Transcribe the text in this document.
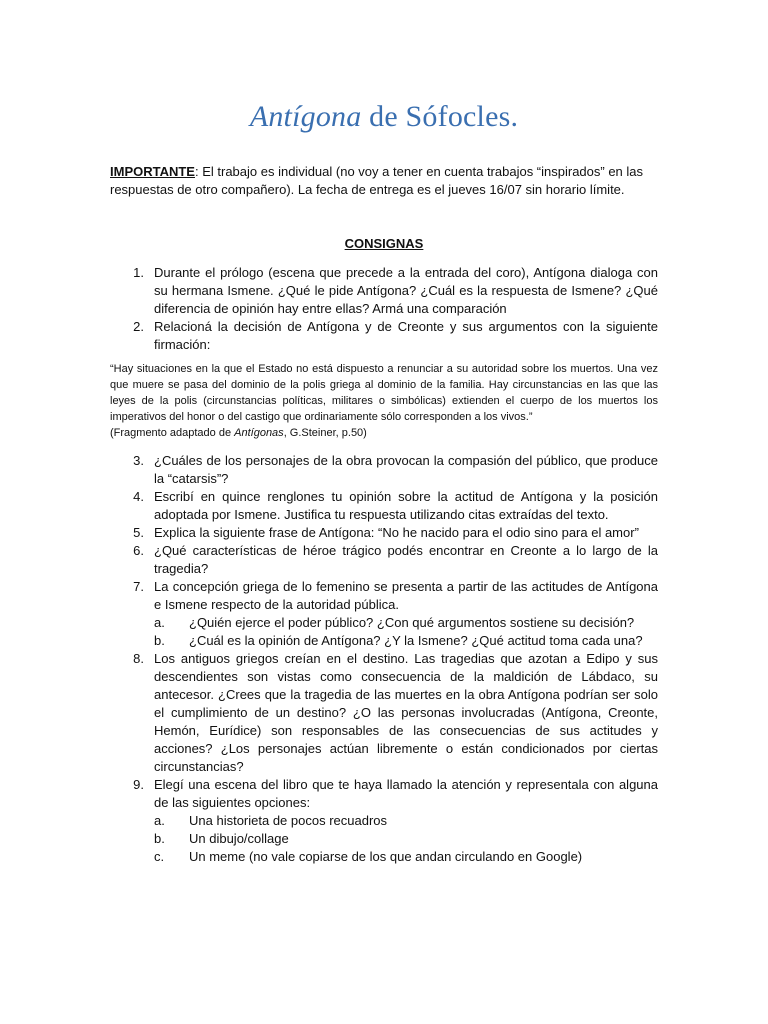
Antígona de Sófocles.
IMPORTANTE: El trabajo es individual (no voy a tener en cuenta trabajos “inspirados” en las respuestas de otro compañero). La fecha de entrega es el jueves 16/07 sin horario límite.
CONSIGNAS
1. Durante el prólogo (escena que precede a la entrada del coro), Antígona dialoga con su hermana Ismene. ¿Qué le pide Antígona? ¿Cuál es la respuesta de Ismene? ¿Qué diferencia de opinión hay entre ellas? Armá una comparación
2. Relacioná la decisión de Antígona y de Creonte y sus argumentos con la siguiente firmación:
“Hay situaciones en la que el Estado no está dispuesto a renunciar a su autoridad sobre los muertos. Una vez que muere se pasa del dominio de la polis griega al dominio de la familia. Hay circunstancias en las que las leyes de la polis (circunstancias políticas, militares o simbólicas) extienden el cuerpo de los muertos los imperativos del honor o del castigo que ordinariamente sólo corresponden a los vivos.”
(Fragmento adaptado de Antígonas, G.Steiner, p.50)
3. ¿Cuáles de los personajes de la obra provocan la compasión del público, que produce la “catarsis”?
4. Escribí en quince renglones tu opinión sobre la actitud de Antígona y la posición adoptada por Ismene. Justifica tu respuesta utilizando citas extraídas del texto.
5. Explica la siguiente frase de Antígona: “No he nacido para el odio sino para el amor”
6. ¿Qué características de héroe trágico podés encontrar en Creonte a lo largo de la tragedia?
7. La concepción griega de lo femenino se presenta a partir de las actitudes de Antígona e Ismene respecto de la autoridad pública.
a.	¿Quién ejerce el poder público? ¿Con qué argumentos sostiene su decisión?
b.	¿Cuál es la opinión de Antígona? ¿Y la Ismene? ¿Qué actitud toma cada una?
8. Los antiguos griegos creían en el destino. Las tragedias que azotan a Edipo y sus descendientes son vistas como consecuencia de la maldición de Lábdaco, su antecesor. ¿Crees que la tragedia de las muertes en la obra Antígona podrían ser solo el cumplimiento de un destino? ¿O las personas involucradas (Antígona, Creonte, Hemón, Eurídice) son responsables de las consecuencias de sus actitudes y acciones? ¿Los personajes actúan libremente o están condicionados por ciertas circunstancias?
9. Elegí una escena del libro que te haya llamado la atención y representala con alguna de las siguientes opciones:
a.	Una historieta de pocos recuadros
b.	Un dibujo/collage
c.	Un meme (no vale copiarse de los que andan circulando en Google)
